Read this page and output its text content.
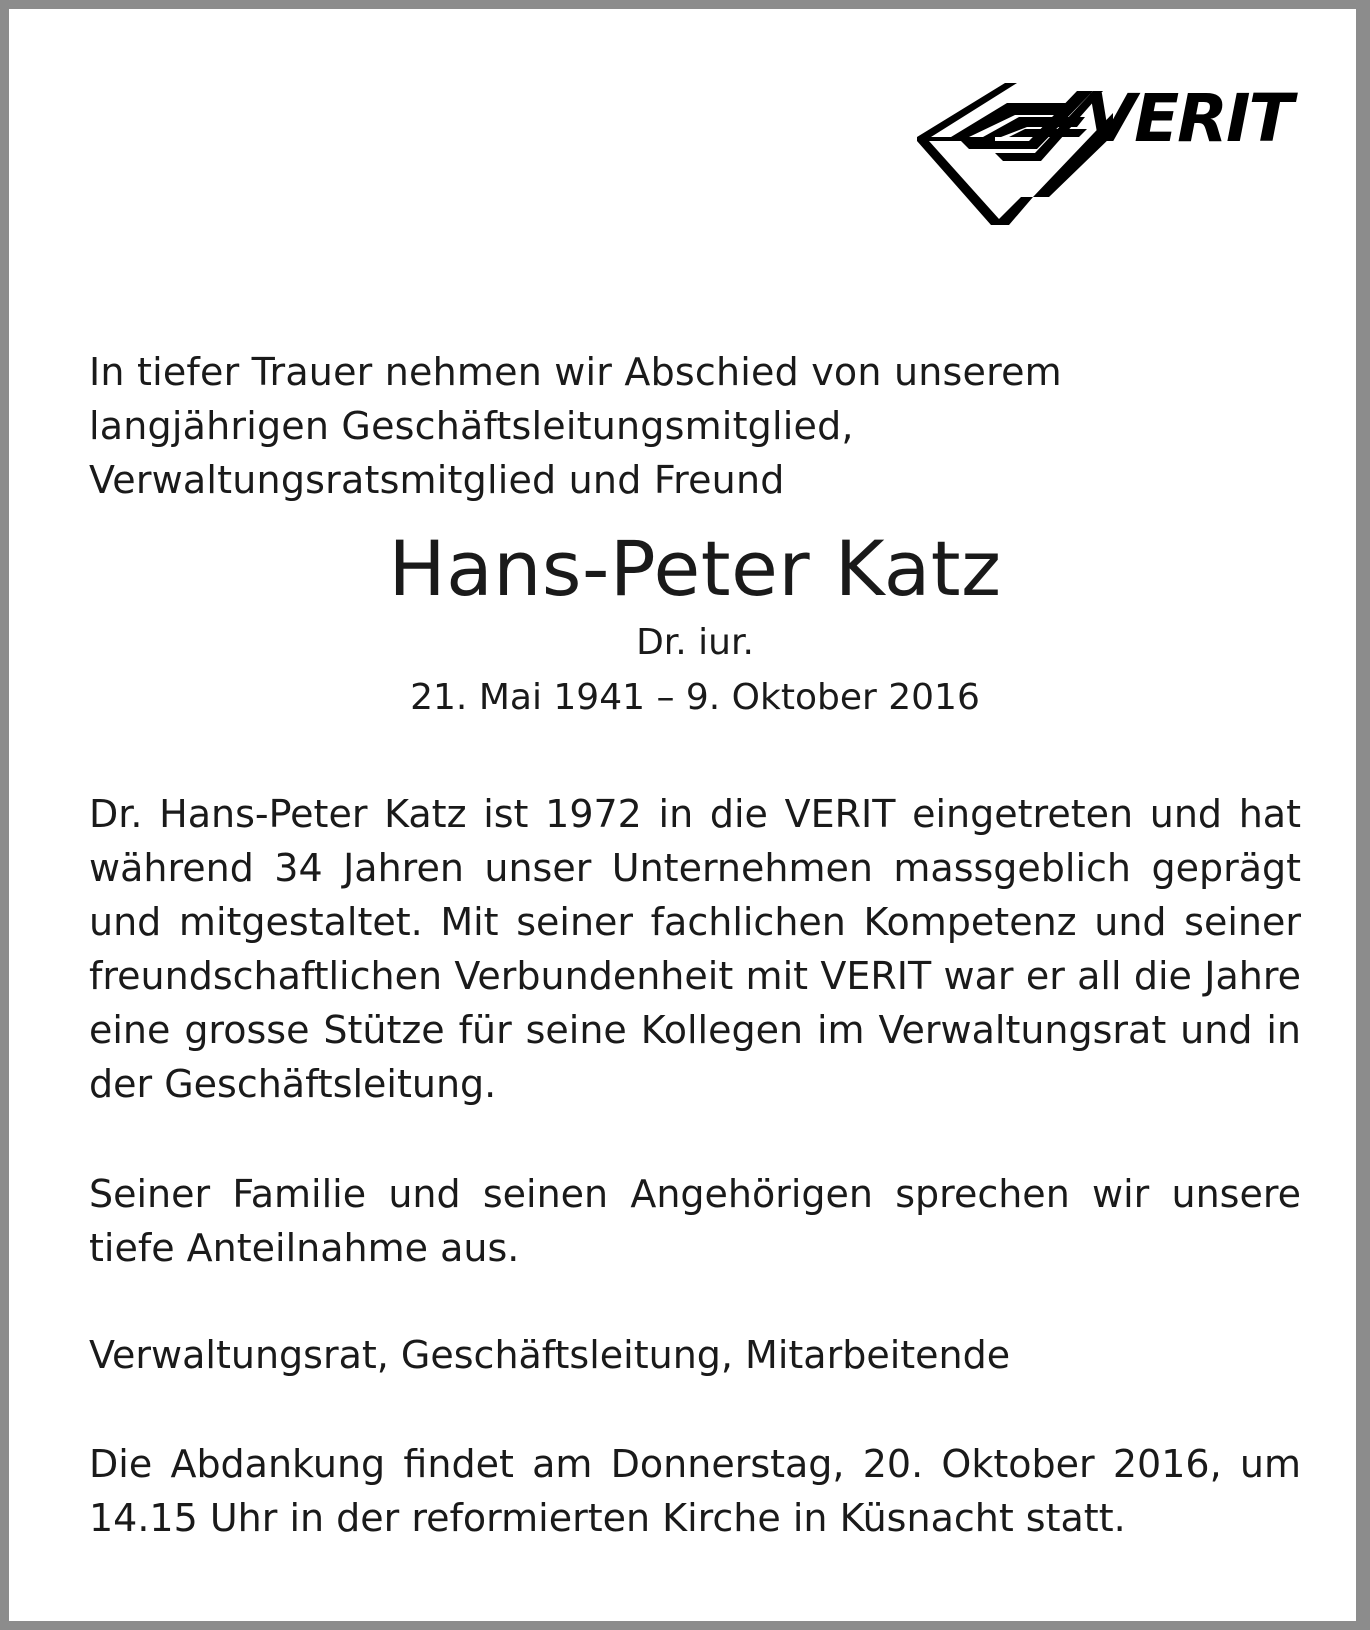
VERIT

In tiefer Trauer nehmen wir Abschied von unserem langjährigen Geschäftsleitungsmitglied, Verwaltungsratsmitglied und Freund

Hans-Peter Katz
Dr. iur.
21. Mai 1941 – 9. Oktober 2016

Dr. Hans-Peter Katz ist 1972 in die VERIT eingetreten und hat während 34 Jahren unser Unternehmen massgeblich geprägt und mitgestaltet. Mit seiner fachlichen Kompetenz und seiner freundschaftlichen Verbundenheit mit VERIT war er all die Jahre eine grosse Stütze für seine Kollegen im Verwaltungsrat und in der Geschäftsleitung.

Seiner Familie und seinen Angehörigen sprechen wir unsere tiefe Anteilnahme aus.

Verwaltungsrat, Geschäftsleitung, Mitarbeitende

Die Abdankung findet am Donnerstag, 20. Oktober 2016, um 14.15 Uhr in der reformierten Kirche in Küsnacht statt.
